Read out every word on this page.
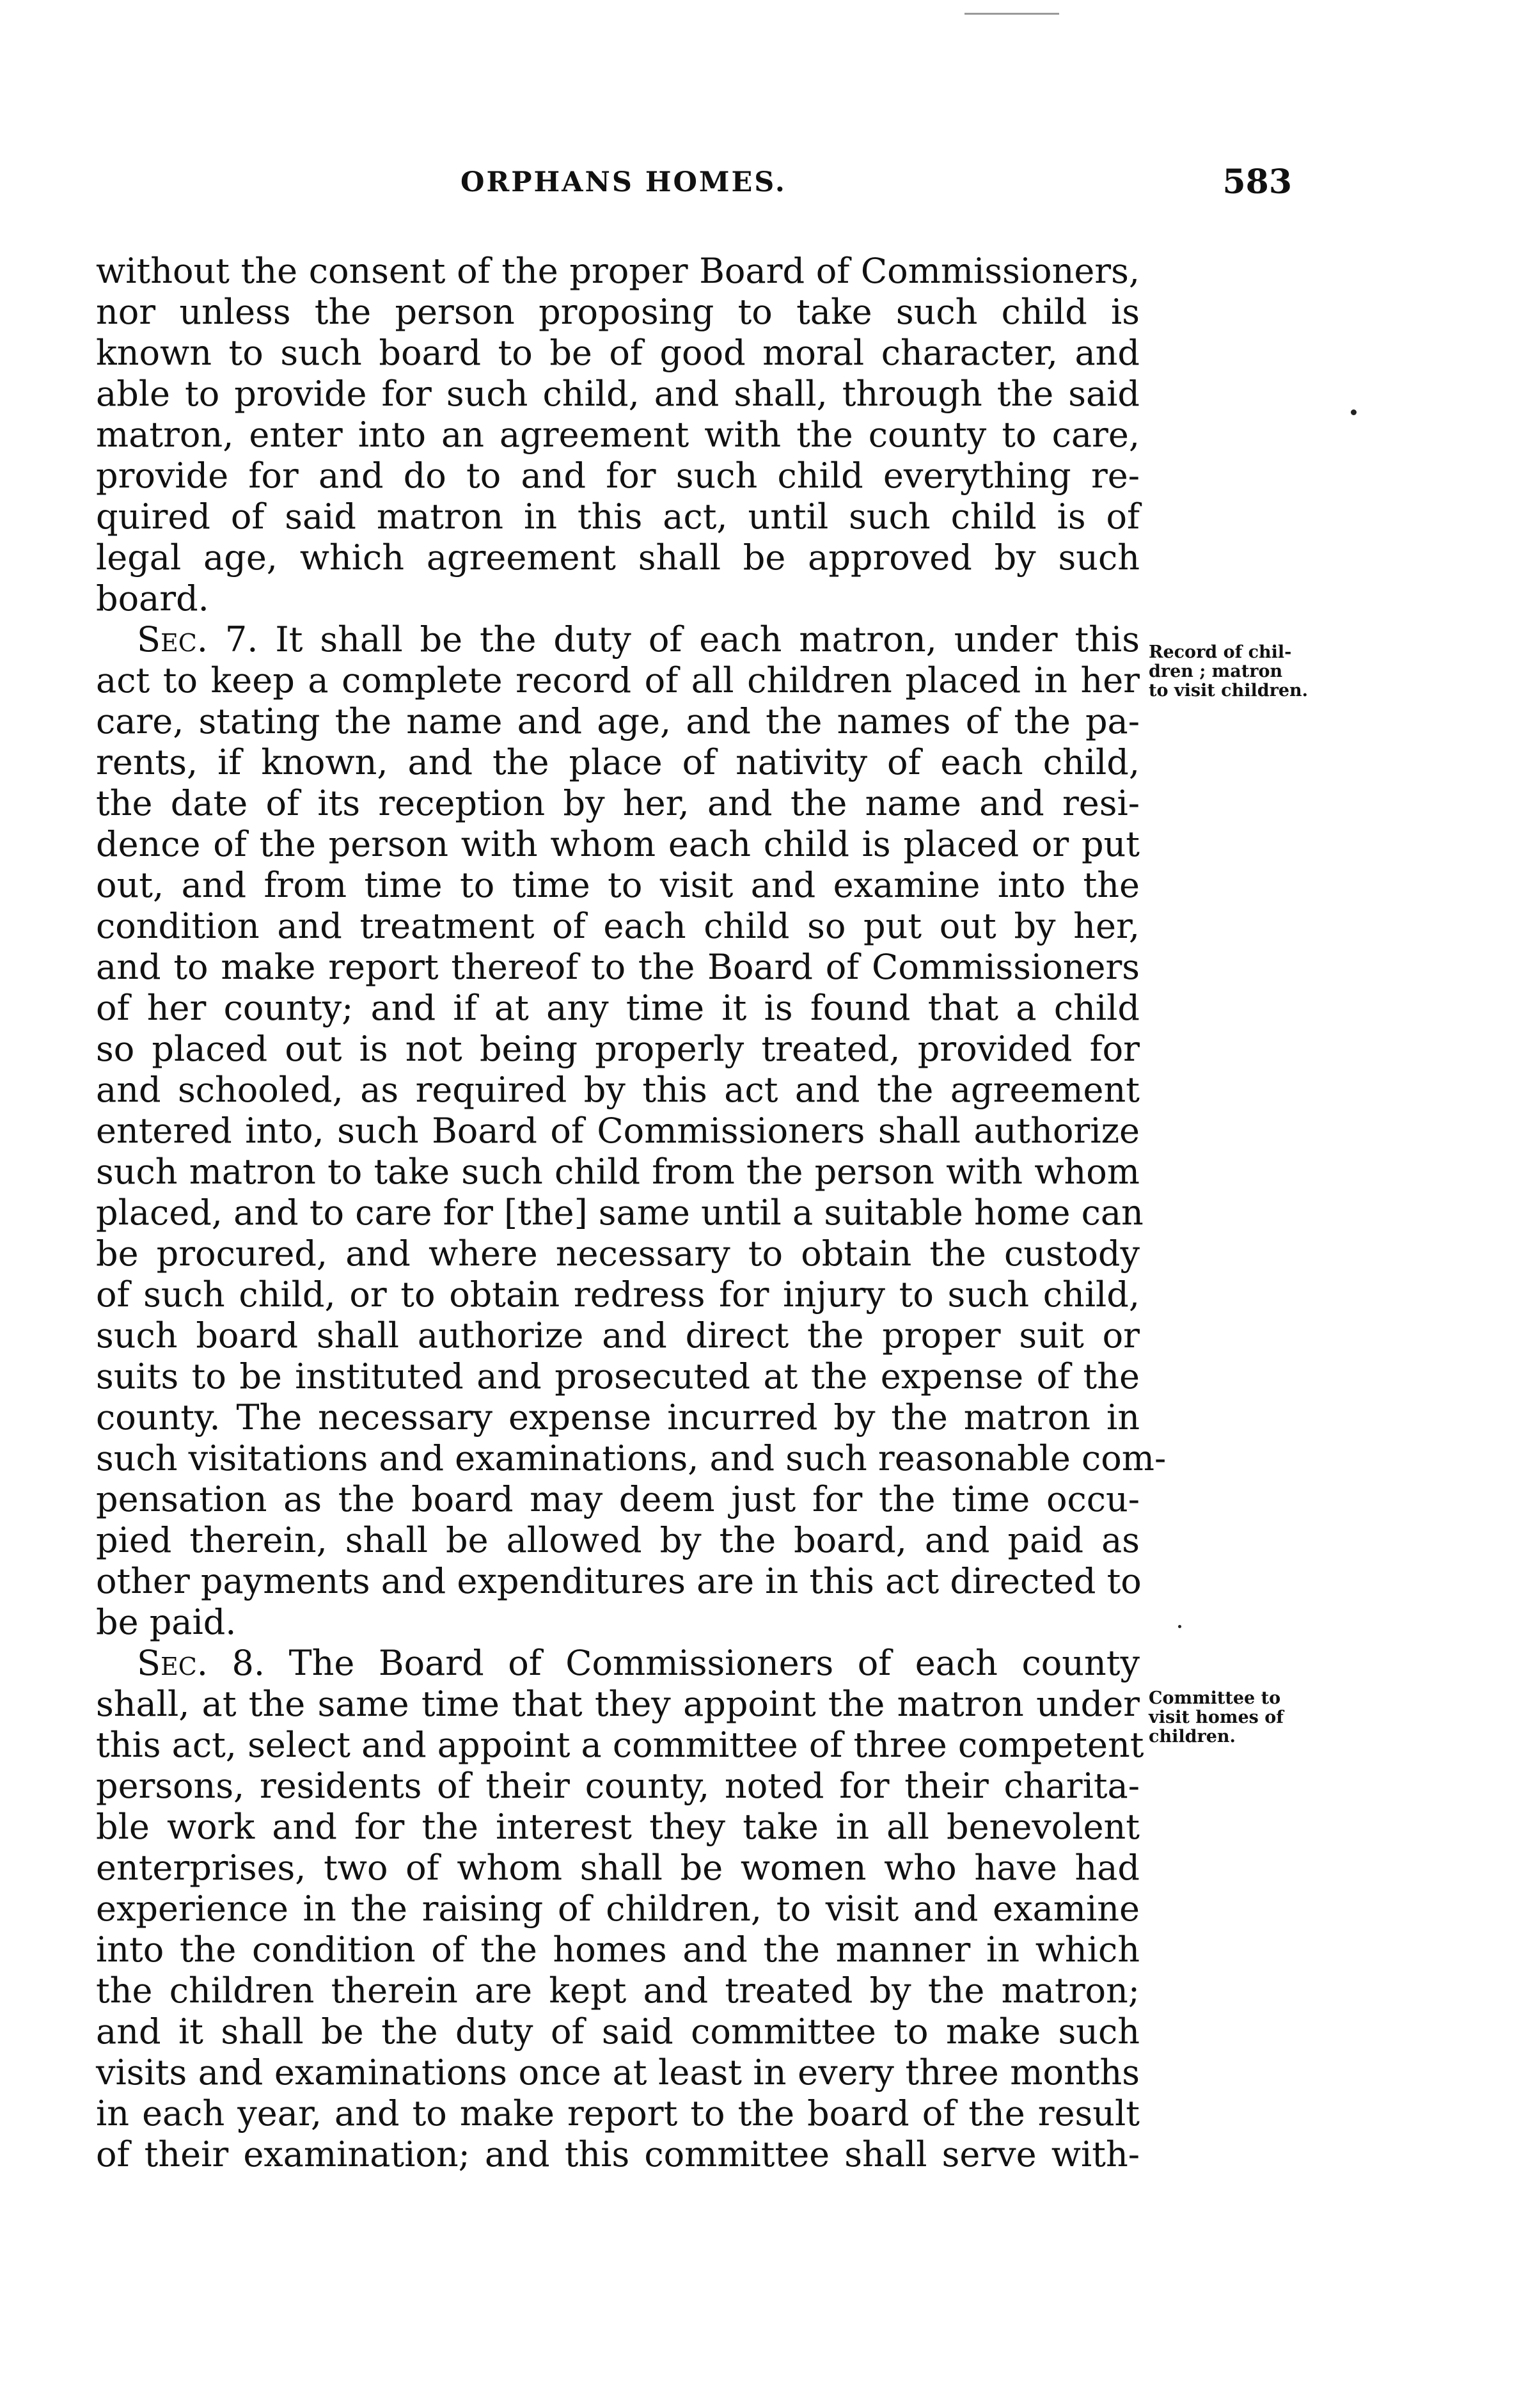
ORPHANS HOMES.	583
without the consent of the proper Board of Commissioners,
nor unless the person proposing to take such child is
known to such board to be of good moral character, and
able to provide for such child, and shall, through the said
matron, enter into an agreement with the county to care,
provide for and do to and for such child everything re-
quired of said matron in this act, until such child is of
legal age, which agreement shall be approved by such
board.
Sec. 7. It shall be the duty of each matron, under this
act to keep a complete record of all children placed in her
care, stating the name and age, and the names of the pa-
rents, if known, and the place of nativity of each child,
the date of its reception by her, and the name and resi-
dence of the person with whom each child is placed or put
out, and from time to time to visit and examine into the
condition and treatment of each child so put out by her,
and to make report thereof to the Board of Commissioners
of her county; and if at any time it is found that a child
so placed out is not being properly treated, provided for
and schooled, as required by this act and the agreement
entered into, such Board of Commissioners shall authorize
such matron to take such child from the person with whom
placed, and to care for [the] same until a suitable home can
be procured, and where necessary to obtain the custody
of such child, or to obtain redress for injury to such child,
such board shall authorize and direct the proper suit or
suits to be instituted and prosecuted at the expense of the
county. The necessary expense incurred by the matron in
such visitations and examinations, and such reasonable com-
pensation as the board may deem just for the time occu-
pied therein, shall be allowed by the board, and paid as
other payments and expenditures are in this act directed to
be paid.
Sec. 8. The Board of Commissioners of each county
shall, at the same time that they appoint the matron under
this act, select and appoint a committee of three competent
persons, residents of their county, noted for their charita-
ble work and for the interest they take in all benevolent
enterprises, two of whom shall be women who have had
experience in the raising of children, to visit and examine
into the condition of the homes and the manner in which
the children therein are kept and treated by the matron;
and it shall be the duty of said committee to make such
visits and examinations once at least in every three months
in each year, and to make report to the board of the result
of their examination; and this committee shall serve with-
Record of chil-
dren ; matron
to visit children.
Committee to
visit homes of
children.
